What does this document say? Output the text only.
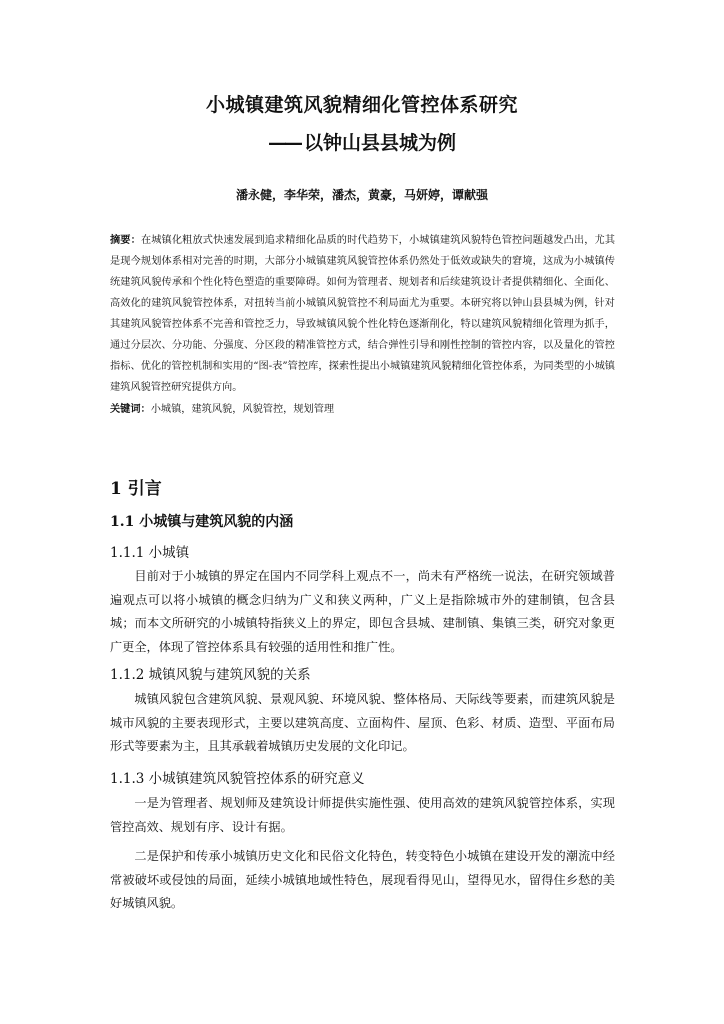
小城镇建筑风貌精细化管控体系研究
—— 以钟山县县城为例
潘永健，李华荣，潘杰，黄豪，马妍婷，谭献强
摘要：在城镇化粗放式快速发展到追求精细化品质的时代趋势下，小城镇建筑风貌特色管控问题越发凸出，尤其是现今规划体系相对完善的时期，大部分小城镇建筑风貌管控体系仍然处于低效或缺失的窘境，这成为小城镇传统建筑风貌传承和个性化特色塑造的重要障碍。如何为管理者、规划者和后续建筑设计者提供精细化、全面化、高效化的建筑风貌管控体系，对扭转当前小城镇风貌管控不利局面尤为重要。本研究将以钟山县县城为例，针对其建筑风貌管控体系不完善和管控乏力，导致城镇风貌个性化特色逐渐削化，特以建筑风貌精细化管理为抓手，通过分层次、分功能、分强度、分区段的精准管控方式，结合弹性引导和刚性控制的管控内容，以及量化的管控指标、优化的管控机制和实用的“图-表”管控库，探索性提出小城镇建筑风貌精细化管控体系，为同类型的小城镇建筑风貌管控研究提供方向。
关键词：小城镇，建筑风貌，风貌管控，规划管理
1 引言
1.1 小城镇与建筑风貌的内涵
1.1.1 小城镇
目前对于小城镇的界定在国内不同学科上观点不一，尚未有严格统一说法，在研究领域普遍观点可以将小城镇的概念归纳为广义和狭义两种，广义上是指除城市外的建制镇，包含县城；而本文所研究的小城镇特指狭义上的界定，即包含县城、建制镇、集镇三类，研究对象更广更全，体现了管控体系具有较强的适用性和推广性。
1.1.2 城镇风貌与建筑风貌的关系
城镇风貌包含建筑风貌、景观风貌、环境风貌、整体格局、天际线等要素，而建筑风貌是城市风貌的主要表现形式，主要以建筑高度、立面构件、屋顶、色彩、材质、造型、平面布局形式等要素为主，且其承载着城镇历史发展的文化印记。
1.1.3 小城镇建筑风貌管控体系的研究意义
一是为管理者、规划师及建筑设计师提供实施性强、使用高效的建筑风貌管控体系，实现管控高效、规划有序、设计有据。
二是保护和传承小城镇历史文化和民俗文化特色，转变特色小城镇在建设开发的潮流中经常被破坏或侵蚀的局面，延续小城镇地域性特色，展现看得见山，望得见水，留得住乡愁的美好城镇风貌。
